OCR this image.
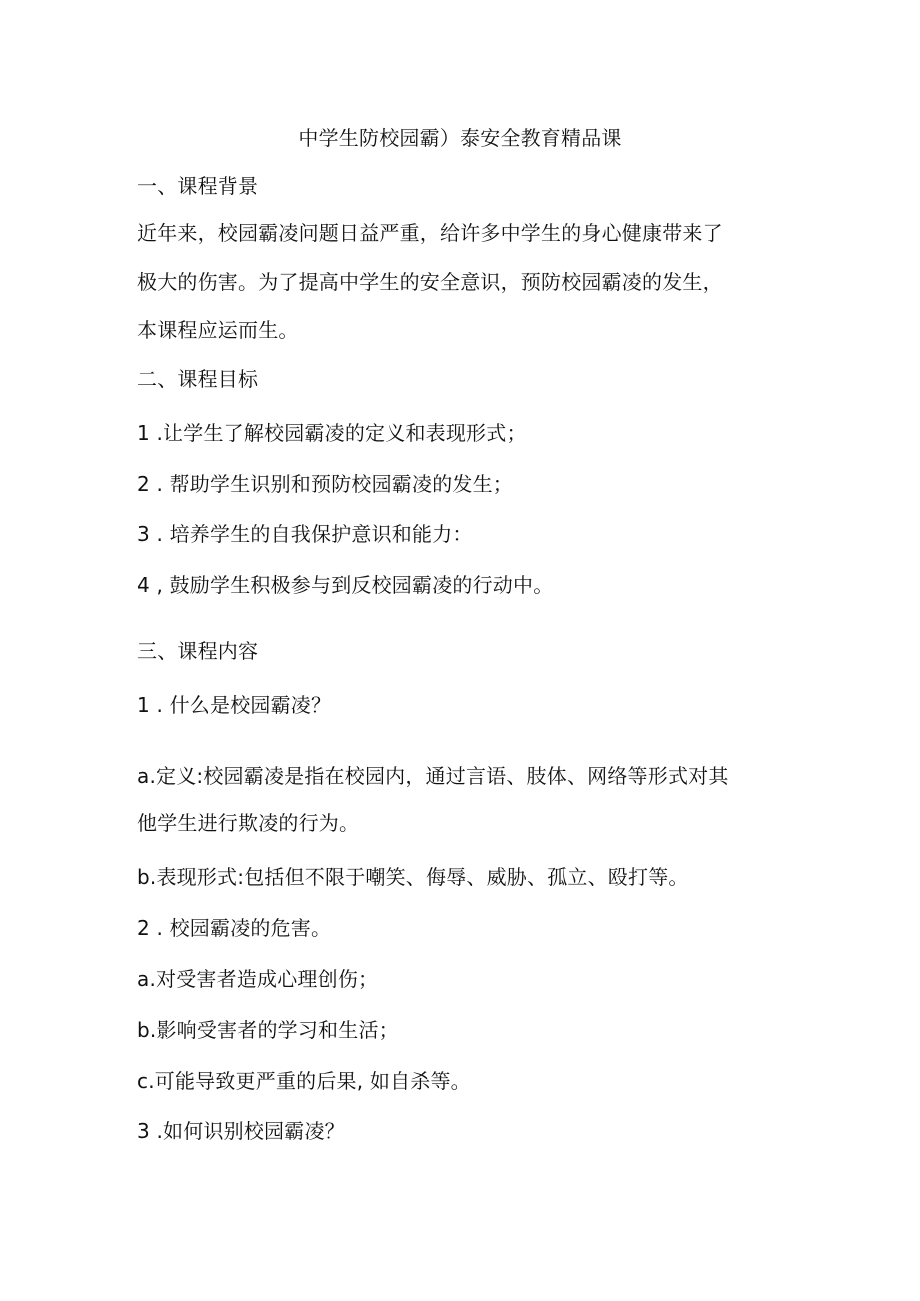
中学生防校园霸）泰安全教育精品课
一、课程背景
近年来，校园霸凌问题日益严重，给许多中学生的身心健康带来了
极大的伤害。为了提高中学生的安全意识，预防校园霸凌的发生，
本课程应运而生。
二、课程目标
1 .让学生了解校园霸凌的定义和表现形式；
2 . 帮助学生识别和预防校园霸凌的发生；
3 . 培养学生的自我保护意识和能力：
4 , 鼓励学生积极参与到反校园霸凌的行动中。
三、课程内容
1 . 什么是校园霸凌？
a.定义:校园霸凌是指在校园内，通过言语、肢体、网络等形式对其
他学生进行欺凌的行为。
b.表现形式:包括但不限于嘲笑、侮辱、威胁、孤立、殴打等。
2 . 校园霸凌的危害。
a.对受害者造成心理创伤；
b.影响受害者的学习和生活；
c.可能导致更严重的后果, 如自杀等。
3 .如何识别校园霸凌？
